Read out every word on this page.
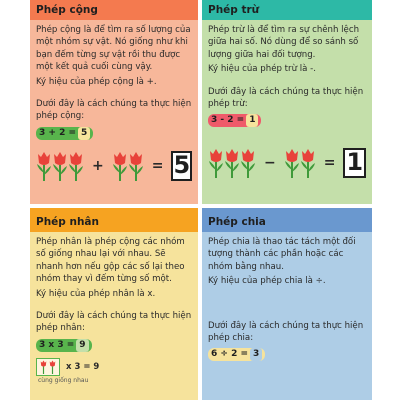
Phép cộng

Phép cộng là để tìm ra số lượng của một nhóm sự vật. Nó giống như khi bạn đếm từng sự vật rồi thu được một kết quả cuối cùng vậy.

Ký hiệu của phép cộng là +.

Dưới đây là cách chúng ta thực hiện phép cộng:

3 + 2 = 5
+	= 5
Phép trừ

Phép trừ là để tìm ra sự chênh lệch giữa hai số. Nó dùng để so sánh số lượng giữa hai đối tượng.

Ký hiệu của phép trừ là -.

Dưới đây là cách chúng ta thực hiện phép trừ:

3 - 2 = 1
−	= 1
Phép nhân

Phép nhân là phép cộng các nhóm số giống nhau lại với nhau. Sẽ nhanh hơn nếu gộp các số lại theo nhóm thay vì đếm từng số một.

Ký hiệu của phép nhân là x.

Dưới đây là cách chúng ta thực hiện phép nhân:

3 x 3 = 9
x 3 = 9
cùng giống nhau
Phép chia

Phép chia là thao tác tách một đối tượng thành các phần hoặc các nhóm bằng nhau.

Ký hiệu của phép chia là ÷.

Dưới đây là cách chúng ta thực hiện phép chia:

6 ÷ 2 = 3
